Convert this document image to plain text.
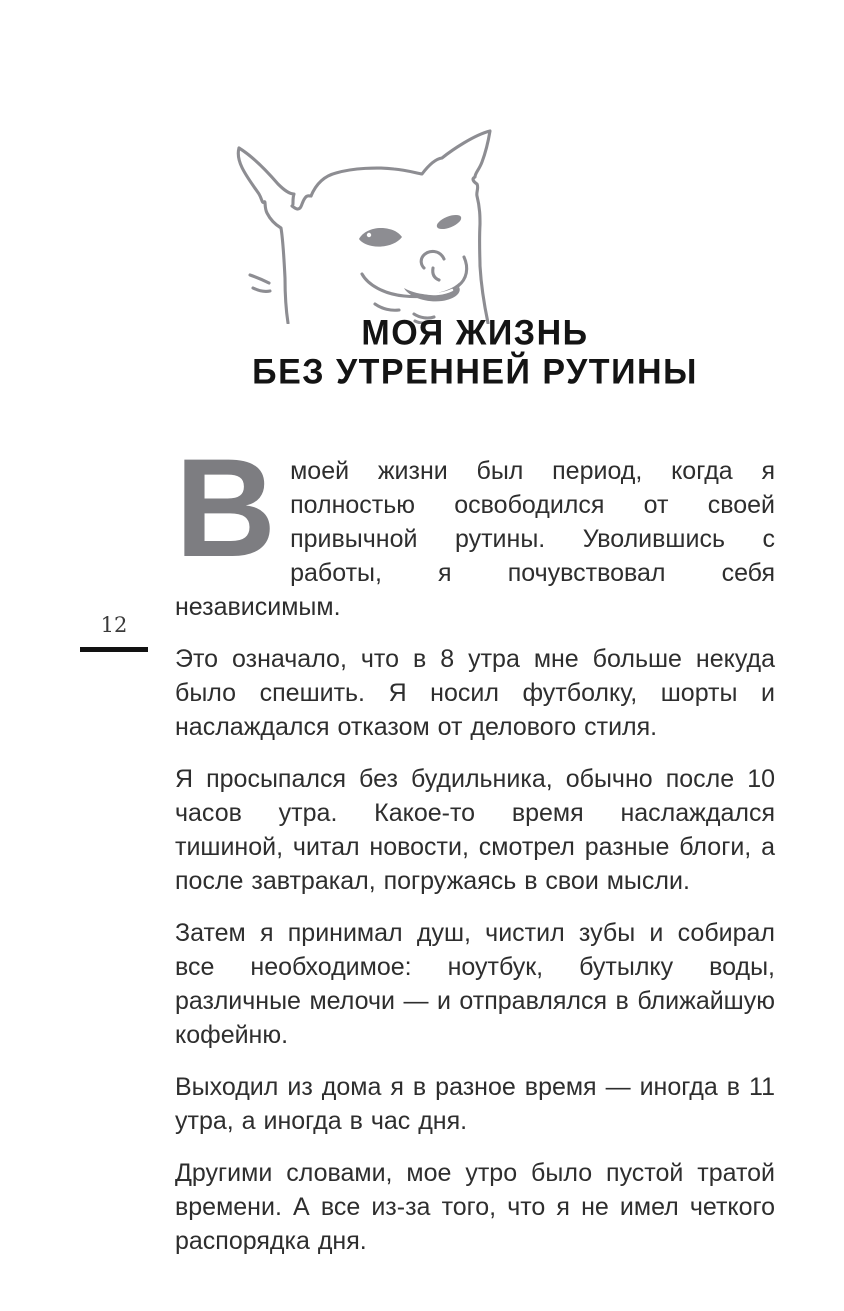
МОЯ ЖИЗНЬ
БЕЗ УТРЕННЕЙ РУТИНЫ
12

Вмоей жизни был период, когда я полностью освободился от своей привычной рутины. Уволившись с работы, я почувствовал себя независимым.

Это означало, что в 8 утра мне больше некуда было спешить. Я носил футболку, шорты и наслаждался отказом от делового стиля.

Я просыпался без будильника, обычно после 10 часов утра. Какое-то время наслаждался тишиной, читал новости, смотрел разные блоги, а после завтракал, погружаясь в свои мысли.

Затем я принимал душ, чистил зубы и собирал все необходимое: ноутбук, бутылку воды, различные мелочи — и отправлялся в ближайшую кофейню.

Выходил из дома я в разное время — иногда в 11 утра, а иногда в час дня.

Другими словами, мое утро было пустой тратой времени. А все из-за того, что я не имел четкого распорядка дня.
